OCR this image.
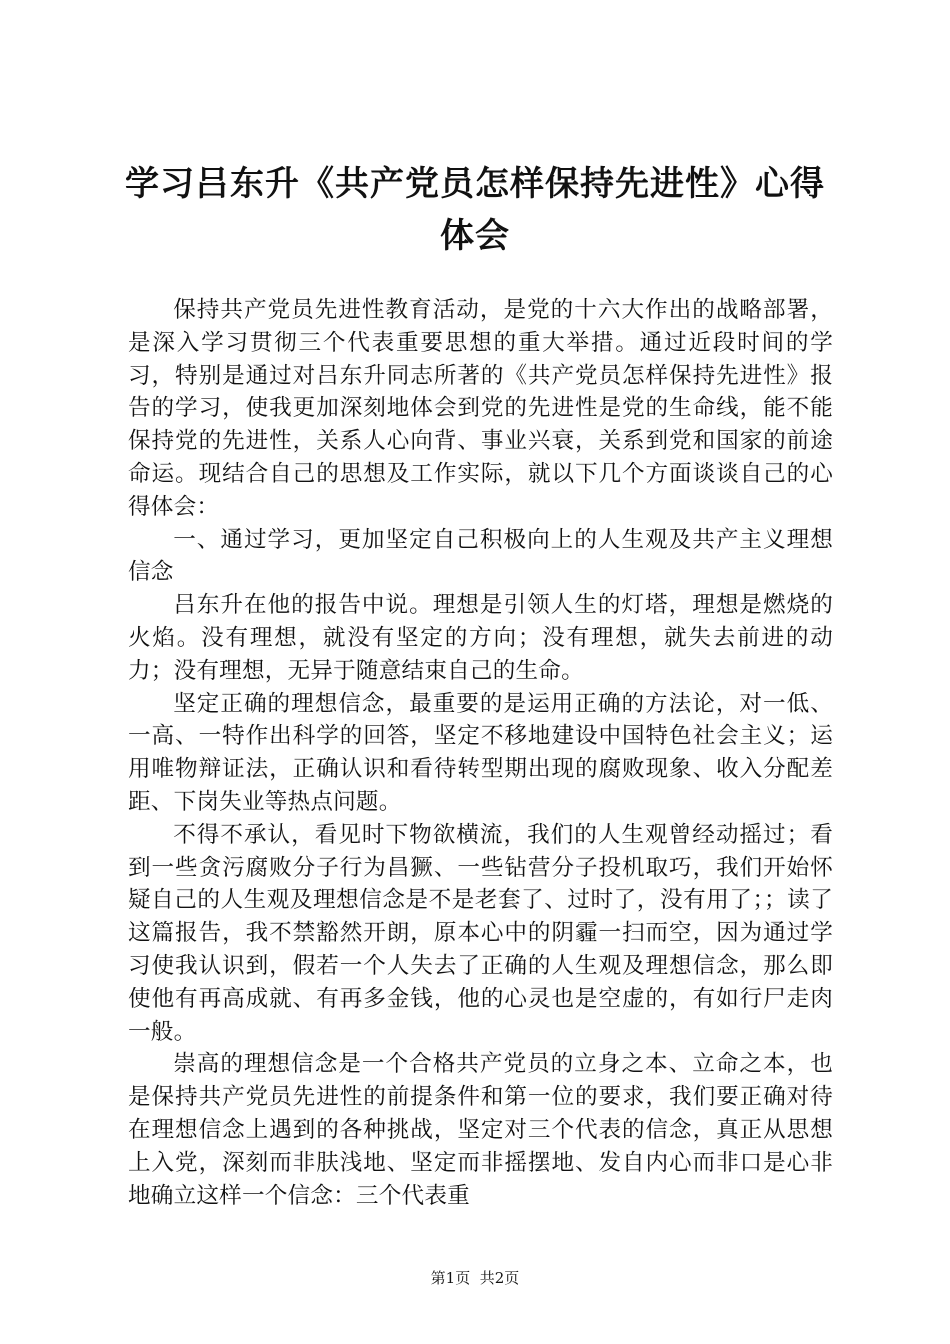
学习吕东升《共产党员怎样保持先进性》心得体会

保持共产党员先进性教育活动，是党的十六大作出的战略部署，是深入学习贯彻三个代表重要思想的重大举措。通过近段时间的学习，特别是通过对吕东升同志所著的《共产党员怎样保持先进性》报告的学习，使我更加深刻地体会到党的先进性是党的生命线，能不能保持党的先进性，关系人心向背、事业兴衰，关系到党和国家的前途命运。现结合自己的思想及工作实际，就以下几个方面谈谈自己的心得体会：

一、通过学习，更加坚定自己积极向上的人生观及共产主义理想信念

吕东升在他的报告中说。理想是引领人生的灯塔，理想是燃烧的火焰。没有理想，就没有坚定的方向；没有理想，就失去前进的动力；没有理想，无异于随意结束自己的生命。

坚定正确的理想信念，最重要的是运用正确的方法论，对一低、一高、一特作出科学的回答，坚定不移地建设中国特色社会主义；运用唯物辩证法，正确认识和看待转型期出现的腐败现象、收入分配差距、下岗失业等热点问题。

不得不承认，看见时下物欲横流，我们的人生观曾经动摇过；看到一些贪污腐败分子行为昌獗、一些钻营分子投机取巧，我们开始怀疑自己的人生观及理想信念是不是老套了、过时了，没有用了；；读了这篇报告，我不禁豁然开朗，原本心中的阴霾一扫而空，因为通过学习使我认识到，假若一个人失去了正确的人生观及理想信念，那么即使他有再高成就、有再多金钱，他的心灵也是空虚的，有如行尸走肉一般。

崇高的理想信念是一个合格共产党员的立身之本、立命之本，也是保持共产党员先进性的前提条件和第一位的要求，我们要正确对待在理想信念上遇到的各种挑战，坚定对三个代表的信念，真正从思想上入党，深刻而非肤浅地、坚定而非摇摆地、发自内心而非口是心非地确立这样一个信念：三个代表重

第1页 共2页
